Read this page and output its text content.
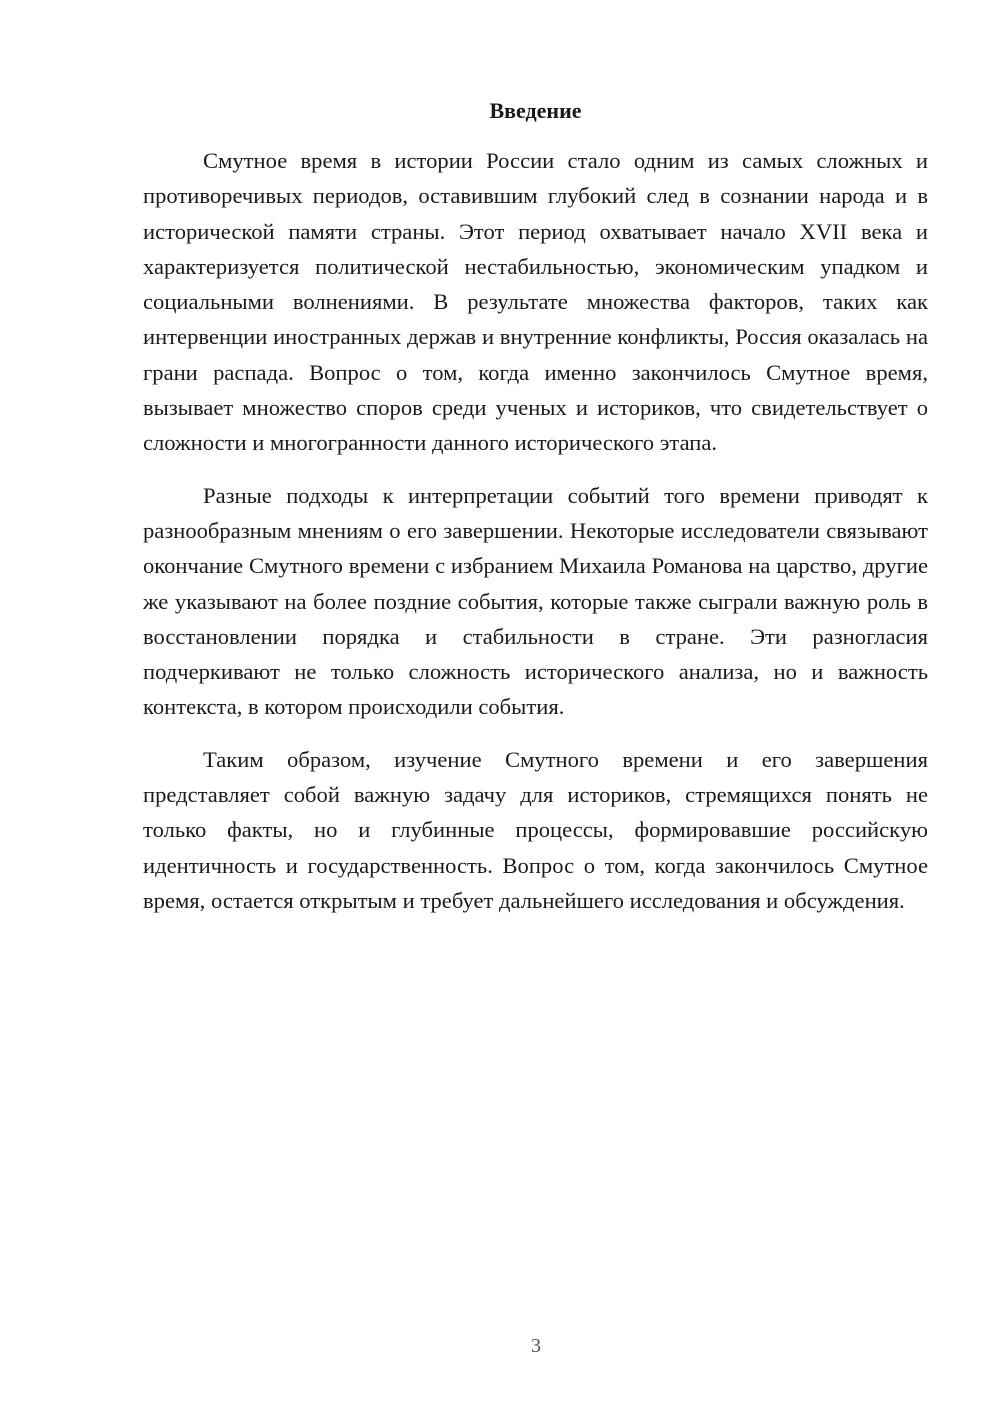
Введение

Смутное время в истории России стало одним из самых сложных и противоречивых периодов, оставившим глубокий след в сознании народа и в исторической памяти страны. Этот период охватывает начало XVII века и характеризуется политической нестабильностью, экономическим упадком и социальными волнениями. В результате множества факторов, таких как интервенции иностранных держав и внутренние конфликты, Россия оказалась на грани распада. Вопрос о том, когда именно закончилось Смутное время, вызывает множество споров среди ученых и историков, что свидетельствует о сложности и многогранности данного исторического этапа.

Разные подходы к интерпретации событий того времени приводят к разнообразным мнениям о его завершении. Некоторые исследователи связывают окончание Смутного времени с избранием Михаила Романова на царство, другие же указывают на более поздние события, которые также сыграли важную роль в восстановлении порядка и стабильности в стране. Эти разногласия подчеркивают не только сложность исторического анализа, но и важность контекста, в котором происходили события.

Таким образом, изучение Смутного времени и его завершения представляет собой важную задачу для историков, стремящихся понять не только факты, но и глубинные процессы, формировавшие российскую идентичность и государственность. Вопрос о том, когда закончилось Смутное время, остается открытым и требует дальнейшего исследования и обсуждения.

3
